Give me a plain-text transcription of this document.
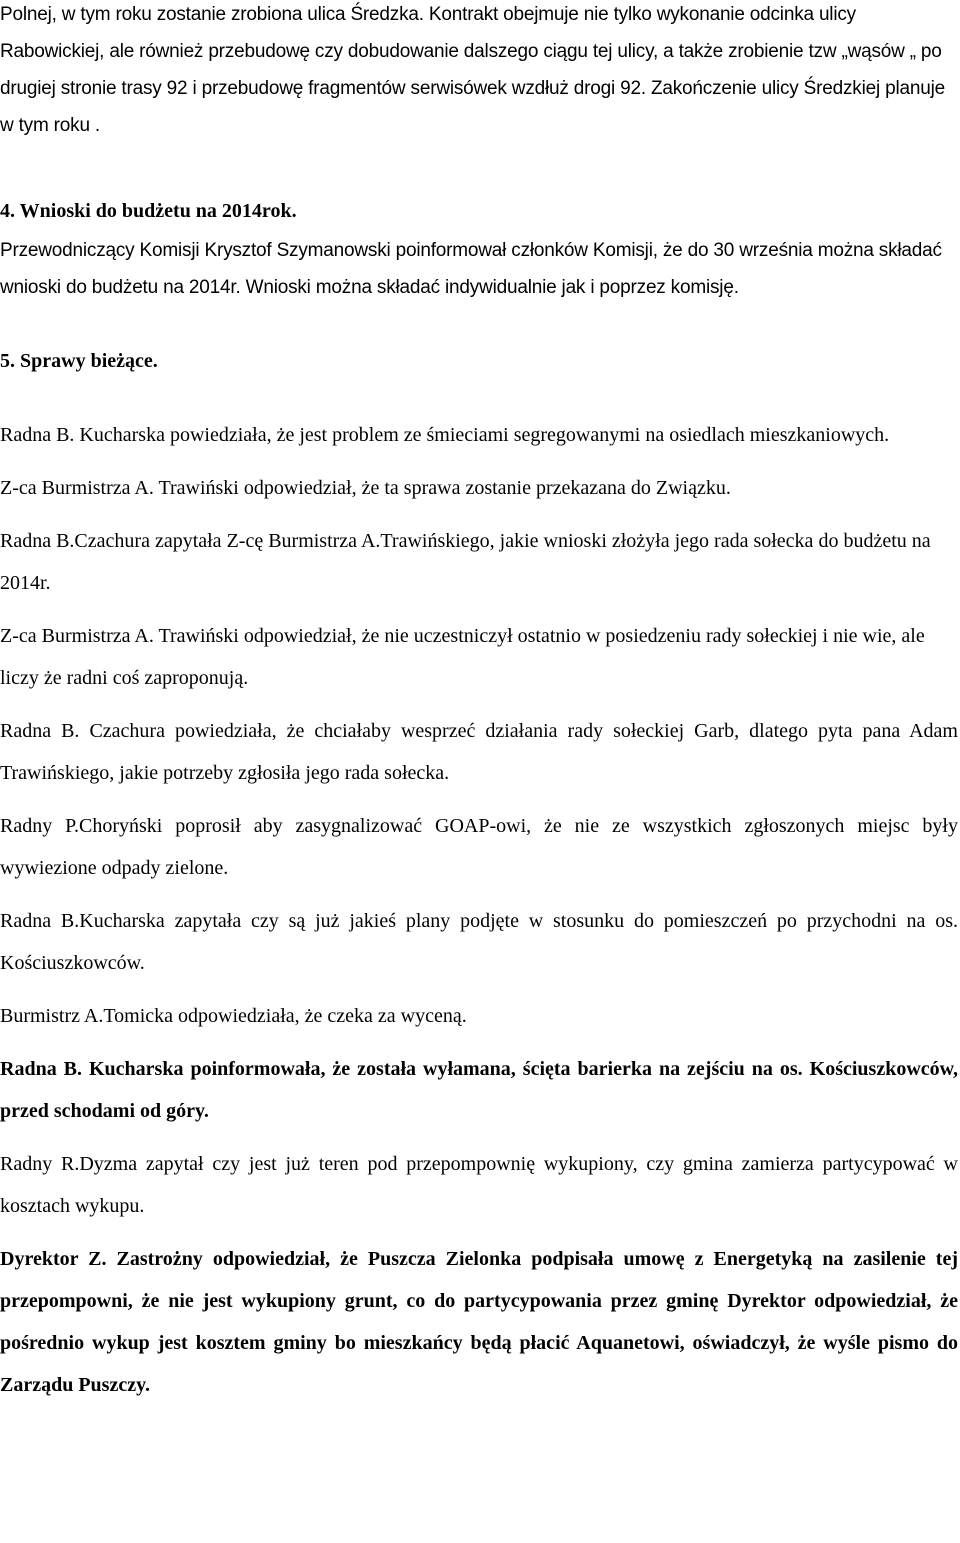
Polnej, w tym roku zostanie zrobiona ulica Średzka. Kontrakt obejmuje nie tylko wykonanie odcinka ulicy Rabowickiej, ale również przebudowę czy dobudowanie dalszego ciągu tej ulicy, a także zrobienie tzw „wąsów „ po drugiej stronie trasy 92 i przebudowę fragmentów serwisówek wzdłuż drogi 92. Zakończenie ulicy Średzkiej planuje w tym roku .

4. Wnioski do budżetu na 2014rok.

Przewodniczący Komisji Krysztof Szymanowski poinformował członków Komisji, że do 30 września można składać wnioski do budżetu na 2014r. Wnioski można składać indywidualnie jak i poprzez komisję.

5. Sprawy bieżące.

Radna B. Kucharska powiedziała, że jest problem ze śmieciami segregowanymi na osiedlach mieszkaniowych.

Z-ca Burmistrza A. Trawiński odpowiedział, że ta sprawa zostanie przekazana do Związku.

Radna B.Czachura zapytała Z-cę Burmistrza A.Trawińskiego, jakie wnioski złożyła jego rada sołecka do budżetu na 2014r.

Z-ca Burmistrza A. Trawiński odpowiedział, że nie uczestniczył ostatnio w posiedzeniu rady sołeckiej i nie wie, ale liczy że radni coś zaproponują.

Radna B. Czachura powiedziała, że chciałaby wesprzeć działania rady sołeckiej Garb, dlatego pyta pana Adam Trawińskiego, jakie potrzeby zgłosiła jego rada sołecka.

Radny P.Choryński poprosił aby zasygnalizować GOAP-owi, że nie ze wszystkich zgłoszonych miejsc były wywiezione odpady zielone.

Radna B.Kucharska zapytała czy są już jakieś plany podjęte w stosunku do pomieszczeń po przychodni na os. Kościuszkowców.

Burmistrz A.Tomicka odpowiedziała, że czeka za wyceną.

Radna B. Kucharska poinformowała, że została wyłamana, ścięta barierka na zejściu na os. Kościuszkowców, przed schodami od góry.

Radny R.Dyzma zapytał czy jest już teren pod przepompownię wykupiony, czy gmina zamierza partycypować w kosztach wykupu.

Dyrektor Z. Zastrożny odpowiedział, że Puszcza Zielonka podpisała umowę z Energetyką na zasilenie tej przepompowni, że nie jest wykupiony grunt, co do partycypowania przez gminę Dyrektor odpowiedział, że pośrednio wykup jest kosztem gminy bo mieszkańcy będą płacić Aquanetowi, oświadczył, że wyśle pismo do Zarządu Puszczy.
